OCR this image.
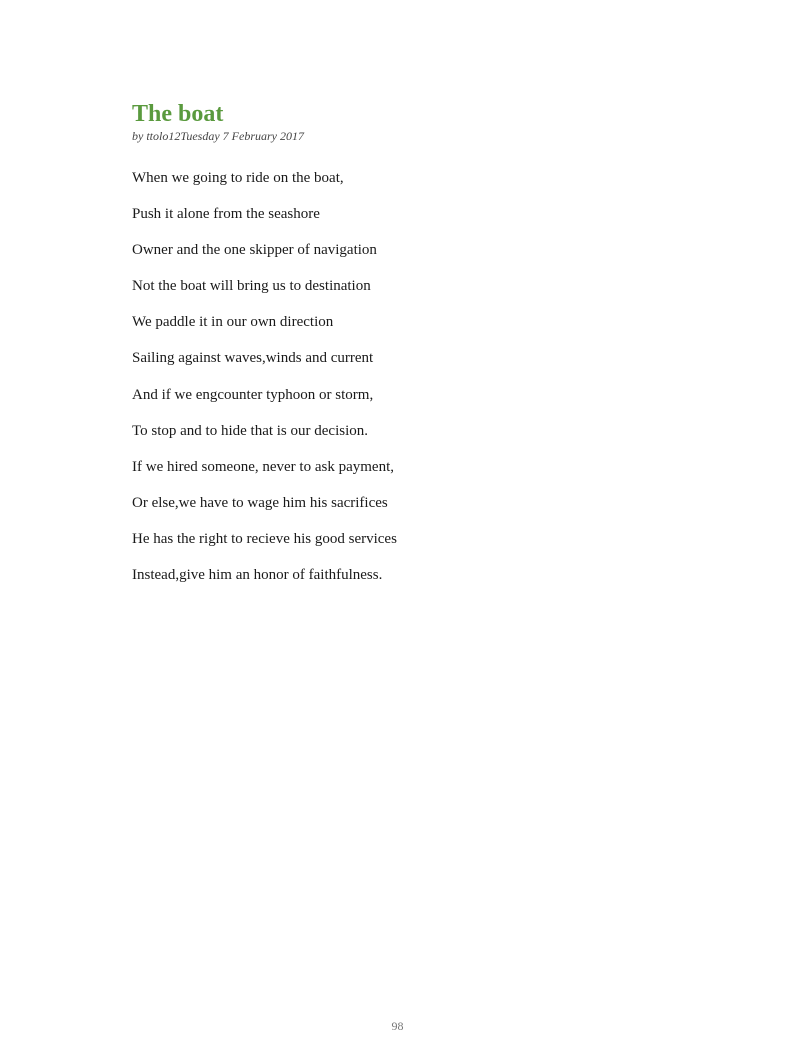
The boat

by ttolo12Tuesday 7 February 2017

When we going to ride on the boat,
Push it alone from the seashore
Owner and the one skipper of navigation
Not the boat will bring us to destination
We paddle it in our own direction
Sailing against waves,winds and current
And if we engcounter typhoon or storm,
To stop and to hide that is our decision.
If we hired someone, never to ask payment,
Or else,we have to wage him his sacrifices
He has the right to recieve his good services
Instead,give him an honor of faithfulness.
98
